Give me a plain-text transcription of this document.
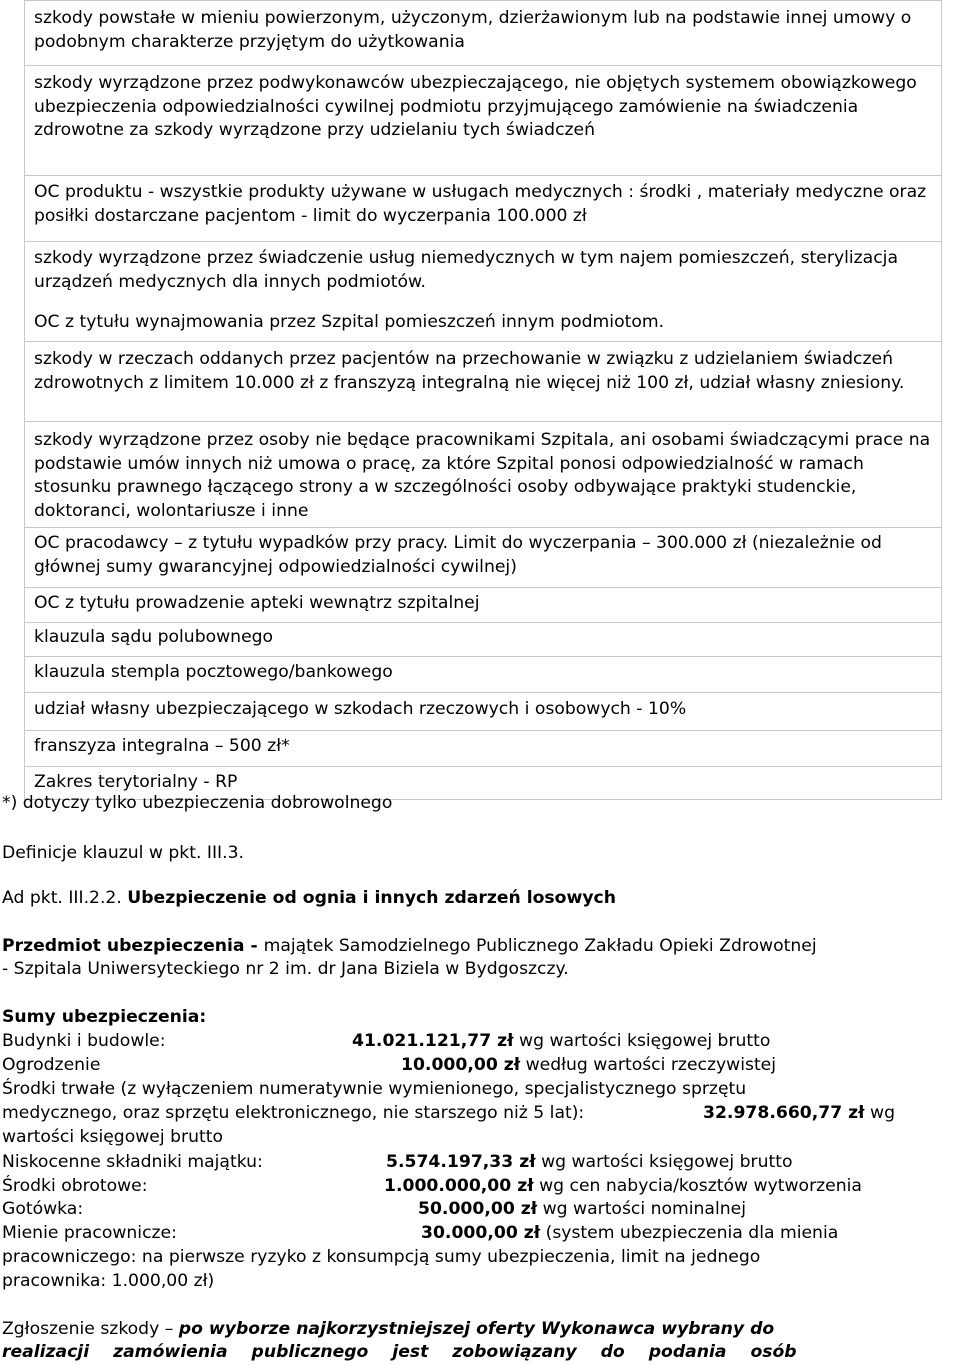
szkody powstałe w mieniu powierzonym, użyczonym, dzierżawionym lub na podstawie innej umowy o podobnym charakterze przyjętym do użytkowania

szkody wyrządzone przez podwykonawców ubezpieczającego, nie objętych systemem obowiązkowego ubezpieczenia odpowiedzialności cywilnej podmiotu przyjmującego zamówienie na świadczenia zdrowotne za szkody wyrządzone przy udzielaniu tych świadczeń

OC produktu - wszystkie produkty używane w usługach medycznych : środki , materiały medyczne oraz posiłki dostarczane pacjentom - limit do wyczerpania 100.000 zł

szkody wyrządzone przez świadczenie usług niemedycznych w tym najem pomieszczeń, sterylizacja urządzeń medycznych dla innych podmiotów.

OC z tytułu wynajmowania przez Szpital pomieszczeń innym podmiotom.

szkody w rzeczach oddanych przez pacjentów na przechowanie w związku z udzielaniem świadczeń zdrowotnych z limitem 10.000 zł z franszyzą integralną nie więcej niż 100 zł, udział własny zniesiony.

szkody wyrządzone przez osoby nie będące pracownikami Szpitala, ani osobami świadczącymi prace na podstawie umów innych niż umowa o pracę, za które Szpital ponosi odpowiedzialność w ramach stosunku prawnego łączącego strony a w szczególności osoby odbywające praktyki studenckie, doktoranci, wolontariusze i inne

OC pracodawcy – z tytułu wypadków przy pracy. Limit do wyczerpania – 300.000 zł (niezależnie od głównej sumy gwarancyjnej odpowiedzialności cywilnej)

OC z tytułu prowadzenie apteki wewnątrz szpitalnej

klauzula sądu polubownego

klauzula stempla pocztowego/bankowego

udział własny ubezpieczającego w szkodach rzeczowych i osobowych - 10%

franszyza integralna – 500 zł*

Zakres terytorialny - RP

*) dotyczy tylko ubezpieczenia dobrowolnego
Definicje klauzul w pkt. III.3.
Ad pkt. III.2.2. Ubezpieczenie od ognia i innych zdarzeń losowych
Przedmiot ubezpieczenia - majątek Samodzielnego Publicznego Zakładu Opieki Zdrowotnej
- Szpitala Uniwersyteckiego nr 2 im. dr Jana Biziela w Bydgoszczy.
Sumy ubezpieczenia:
Budynki i budowle:	41.021.121,77 zł wg wartości księgowej brutto
Ogrodzenie	10.000,00 zł według wartości rzeczywistej
Środki trwałe (z wyłączeniem numeratywnie wymienionego, specjalistycznego sprzętu
medycznego, oraz sprzętu elektronicznego, nie starszego niż 5 lat):	32.978.660,77 zł wg
wartości księgowej brutto
Niskocenne składniki majątku:	5.574.197,33 zł wg wartości księgowej brutto
Środki obrotowe:	1.000.000,00 zł wg cen nabycia/kosztów wytworzenia
Gotówka:	50.000,00 zł wg wartości nominalnej
Mienie pracownicze:	30.000,00 zł (system ubezpieczenia dla mienia
pracowniczego: na pierwsze ryzyko z konsumpcją sumy ubezpieczenia, limit na jednego
pracownika: 1.000,00 zł)
Zgłoszenie szkody – po wyborze najkorzystniejszej oferty Wykonawca wybrany do
realizacji zamówienia publicznego jest zobowiązany do podania osób
